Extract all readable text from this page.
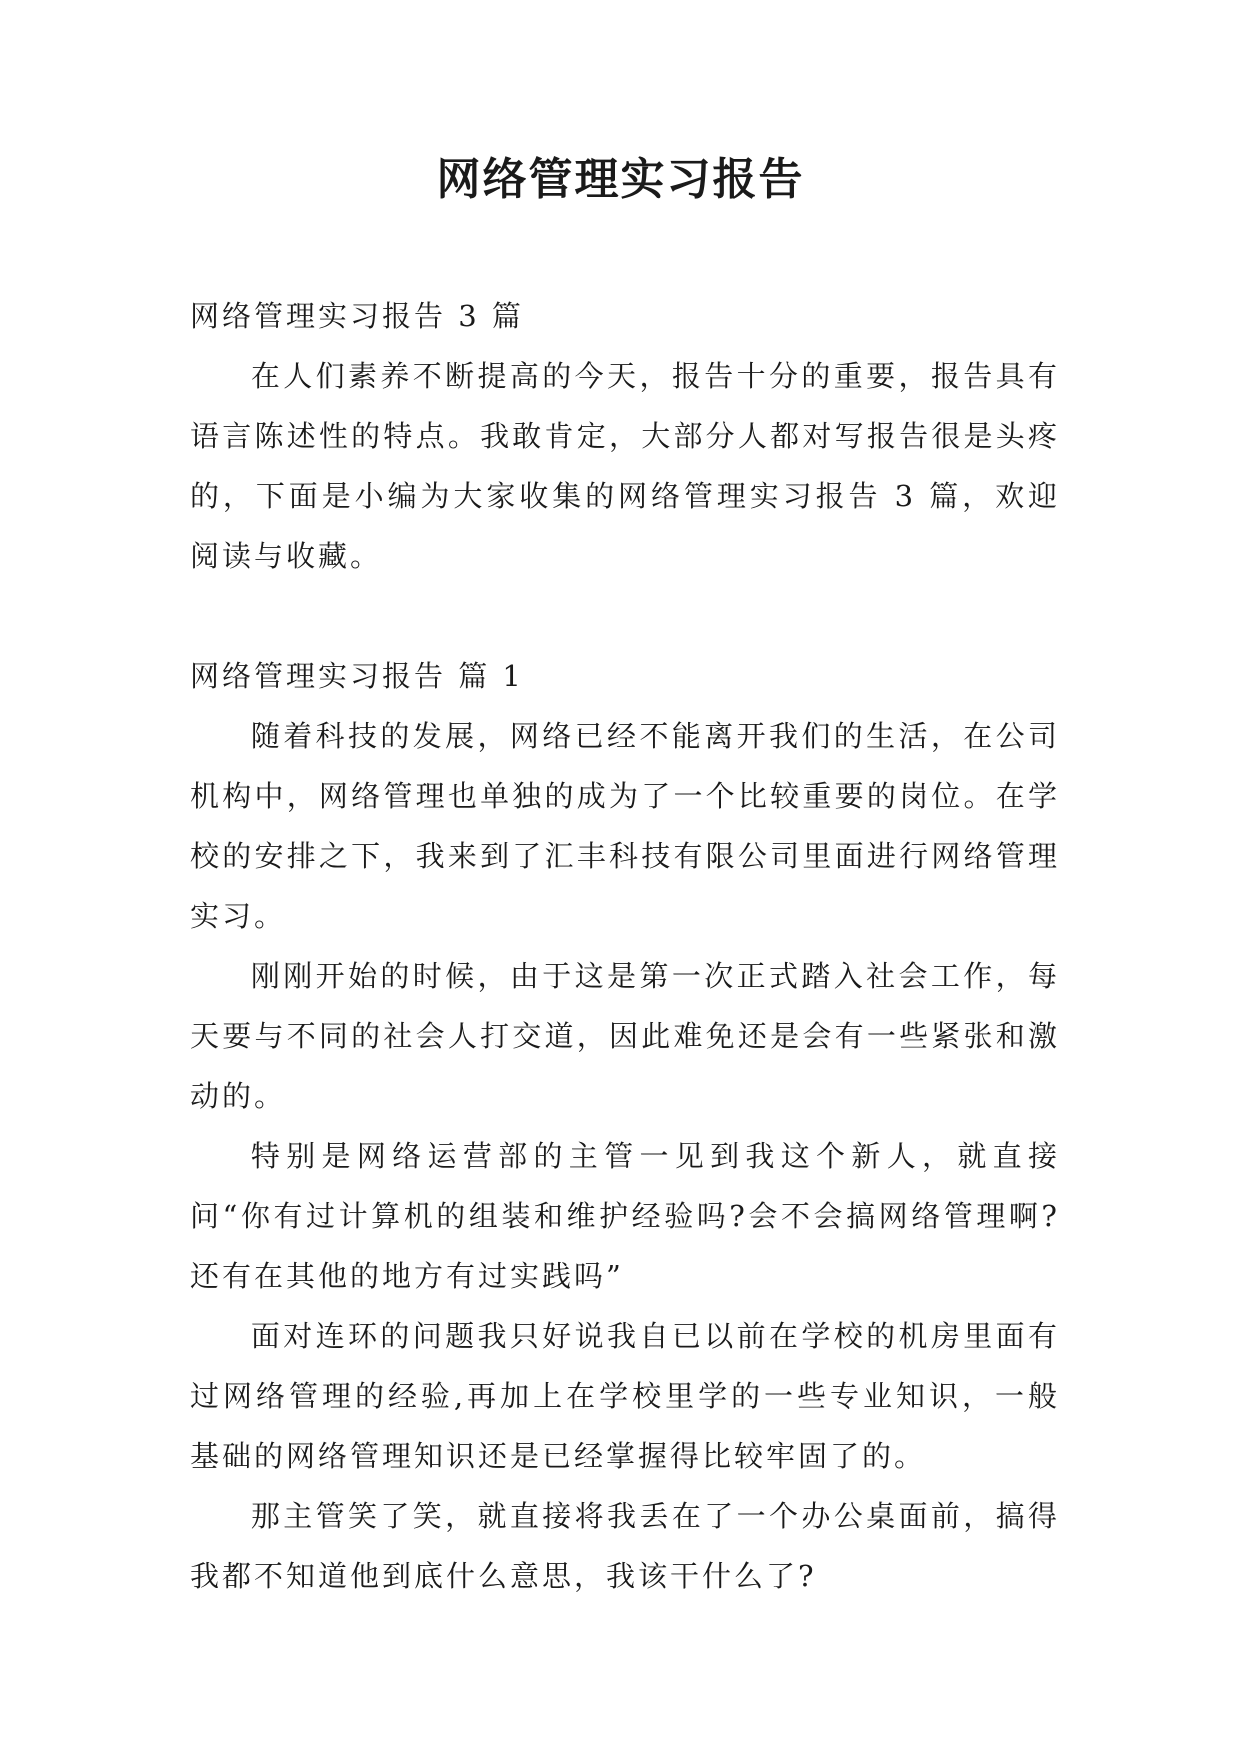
网络管理实习报告

网络管理实习报告 3 篇

在人们素养不断提高的今天，报告十分的重要，报告具有语言陈述性的特点。我敢肯定，大部分人都对写报告很是头疼的，下面是小编为大家收集的网络管理实习报告 3 篇，欢迎阅读与收藏。

网络管理实习报告 篇 1

随着科技的发展，网络已经不能离开我们的生活，在公司机构中，网络管理也单独的成为了一个比较重要的岗位。在学校的安排之下，我来到了汇丰科技有限公司里面进行网络管理实习。

刚刚开始的时候，由于这是第一次正式踏入社会工作，每天要与不同的社会人打交道，因此难免还是会有一些紧张和激动的。

特别是网络运营部的主管一见到我这个新人，就直接问“你有过计算机的组装和维护经验吗?会不会搞网络管理啊?还有在其他的地方有过实践吗”

面对连环的问题我只好说我自已以前在学校的机房里面有过网络管理的经验,再加上在学校里学的一些专业知识，一般基础的网络管理知识还是已经掌握得比较牢固了的。

那主管笑了笑，就直接将我丢在了一个办公桌面前，搞得我都不知道他到底什么意思，我该干什么了?
